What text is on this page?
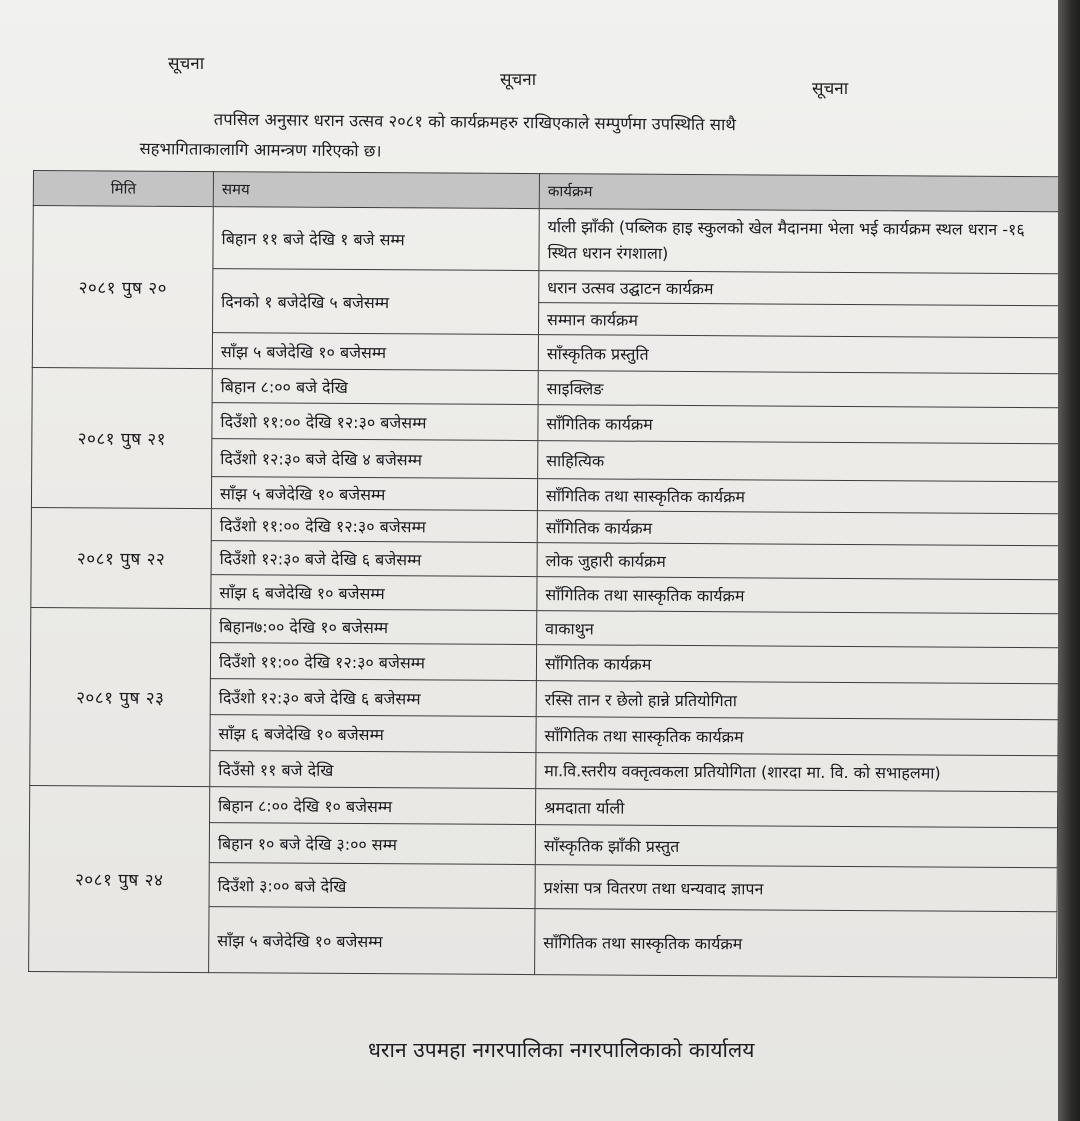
सूचना
सूचना	सूचना
तपसिल अनुसार धरान उत्सव २०८१ को कार्यक्रमहरु राखिएकाले सम्पुर्णमा उपस्थिति साथै
सहभागिताकालागि आमन्त्रण गरिएको छ।
मिति	समय	कार्यक्रम
२०८१ पुष २०	बिहान ११ बजे देखि १ बजे सम्म	र्याली झाँकी (पब्लिक हाइ स्कुलको खेल मैदानमा भेला भई कार्यक्रम स्थल धरान -१६ स्थित धरान रंगशाला)
	दिनको १ बजेदेखि ५ बजेसम्म	धरान उत्सव उद्घाटन कार्यक्रम
		सम्मान कार्यक्रम
	साँझ ५ बजेदेखि १० बजेसम्म	साँस्कृतिक प्रस्तुति
२०८१ पुष २१	बिहान ८:०० बजे देखि	साइक्लिङ
	दिउँशो ११:०० देखि १२:३० बजेसम्म	साँगितिक कार्यक्रम
	दिउँशो १२:३० बजे देखि ४ बजेसम्म	साहित्यिक
	साँझ ५ बजेदेखि १० बजेसम्म	साँगितिक तथा सास्कृतिक कार्यक्रम
२०८१ पुष २२	दिउँशो ११:०० देखि १२:३० बजेसम्म	साँगितिक कार्यक्रम
	दिउँशो १२:३० बजे देखि ६ बजेसम्म	लोक जुहारी कार्यक्रम
	साँझ ६ बजेदेखि १० बजेसम्म	साँगितिक तथा सास्कृतिक कार्यक्रम
२०८१ पुष २३	बिहान७:०० देखि १० बजेसम्म	वाकाथुन
	दिउँशो ११:०० देखि १२:३० बजेसम्म	साँगितिक कार्यक्रम
	दिउँशो १२:३० बजे देखि ६ बजेसम्म	रस्सि तान र छेलो हान्ने प्रतियोगिता
	साँझ ६ बजेदेखि १० बजेसम्म	साँगितिक तथा सास्कृतिक कार्यक्रम
	दिउँसो ११ बजे देखि	मा.वि.स्तरीय वक्तृत्वकला प्रतियोगिता (शारदा मा. वि. को सभाहलमा)
२०८१ पुष २४	बिहान ८:०० देखि १० बजेसम्म	श्रमदाता र्याली
	बिहान १० बजे देखि ३:०० सम्म	साँस्कृतिक झाँकी प्रस्तुत
	दिउँशो ३:०० बजे देखि	प्रशंसा पत्र वितरण तथा धन्यवाद ज्ञापन
	साँझ ५ बजेदेखि १० बजेसम्म	साँगितिक तथा सास्कृतिक कार्यक्रम
धरान उपमहा नगरपालिका नगरपालिकाको कार्यालय
